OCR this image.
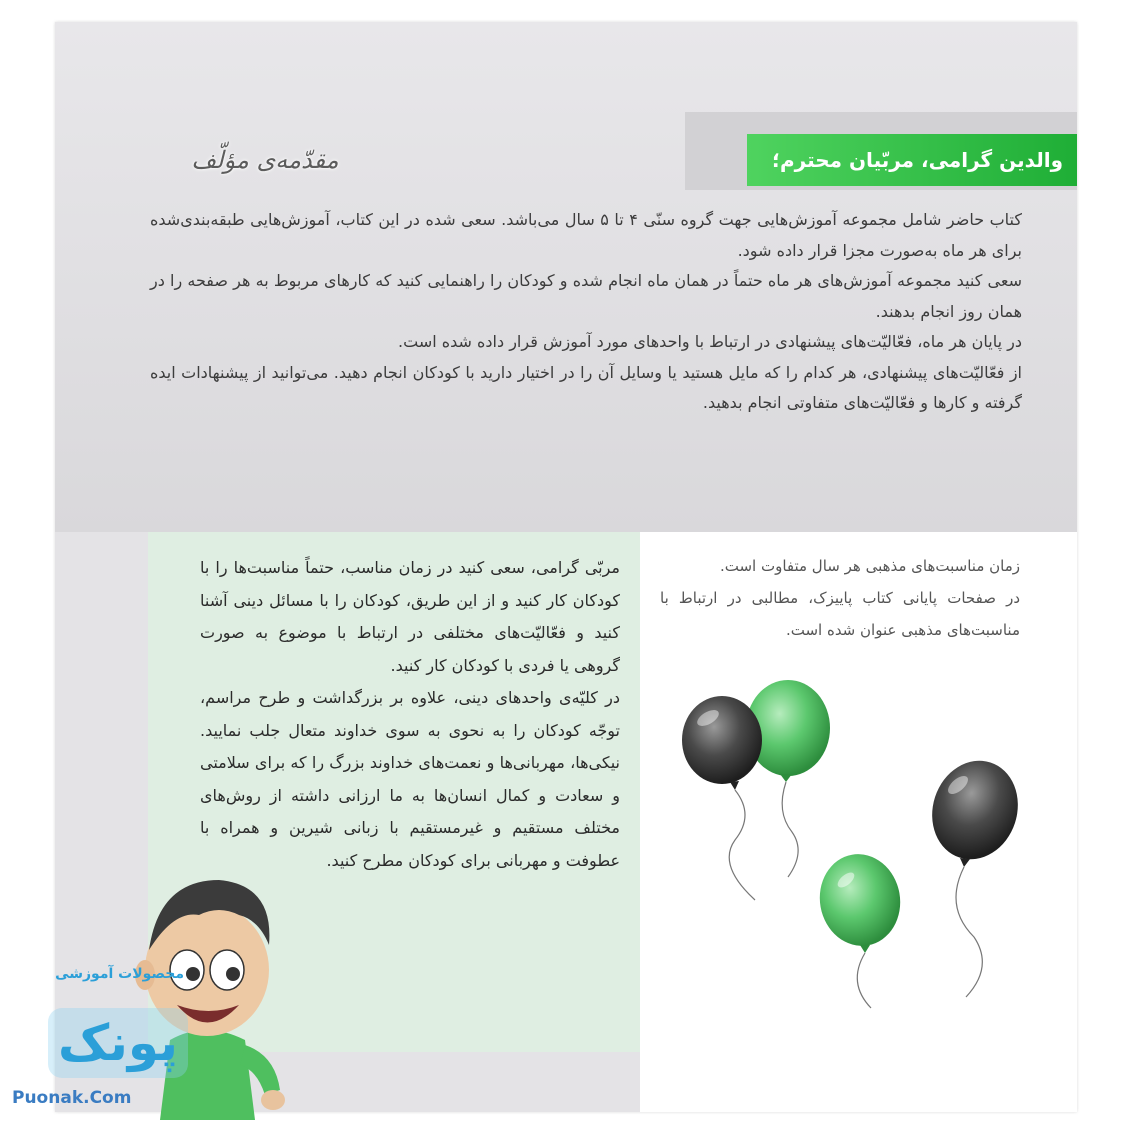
والدین گرامی، مربّیان محترم؛
مقدّمه‌ی مؤلّف

کتاب حاضر شامل مجموعه آموزش‌هایی جهت گروه سنّی ۴ تا ۵ سال می‌باشد. سعی شده در این کتاب، آموزش‌هایی طبقه‌بندی‌شده برای هر ماه به‌صورت مجزا قرار داده شود.

سعی کنید مجموعه آموزش‌های هر ماه حتماً در همان ماه انجام شده و کودکان را راهنمایی کنید که کارهای مربوط به هر صفحه را در همان روز انجام بدهند.

در پایان هر ماه، فعّالیّت‌های پیشنهادی در ارتباط با واحدهای مورد آموزش قرار داده شده است.

از فعّالیّت‌های پیشنهادی، هر کدام را که مایل هستید یا وسایل آن را در اختیار دارید با کودکان انجام دهید. می‌توانید از پیشنهادات ایده گرفته و کارها و فعّالیّت‌های متفاوتی انجام بدهید.

مربّی گرامی، سعی کنید در زمان مناسب، حتماً مناسبت‌ها را با کودکان کار کنید و از این طریق، کودکان را با مسائل دینی آشنا کنید و فعّالیّت‌های مختلفی در ارتباط با موضوع به صورت گروهی یا فردی با کودکان کار کنید.

در کلیّه‌ی واحدهای دینی، علاوه بر بزرگداشت و طرح مراسم، توجّه کودکان را به نحوی به سوی خداوند متعال جلب نمایید. نیکی‌ها، مهربانی‌ها و نعمت‌های خداوند بزرگ را که برای سلامتی و سعادت و کمال انسان‌ها به ما ارزانی داشته از روش‌های مختلف مستقیم و غیرمستقیم با زبانی شیرین و همراه با عطوفت و مهربانی برای کودکان مطرح کنید.

زمان مناسبت‌های مذهبی هر سال متفاوت است.

در صفحات پایانی کتاب پاییزک، مطالبی در ارتباط با مناسبت‌های مذهبی عنوان شده است.

محصولات آموزشی
پونک
Puonak.Com
